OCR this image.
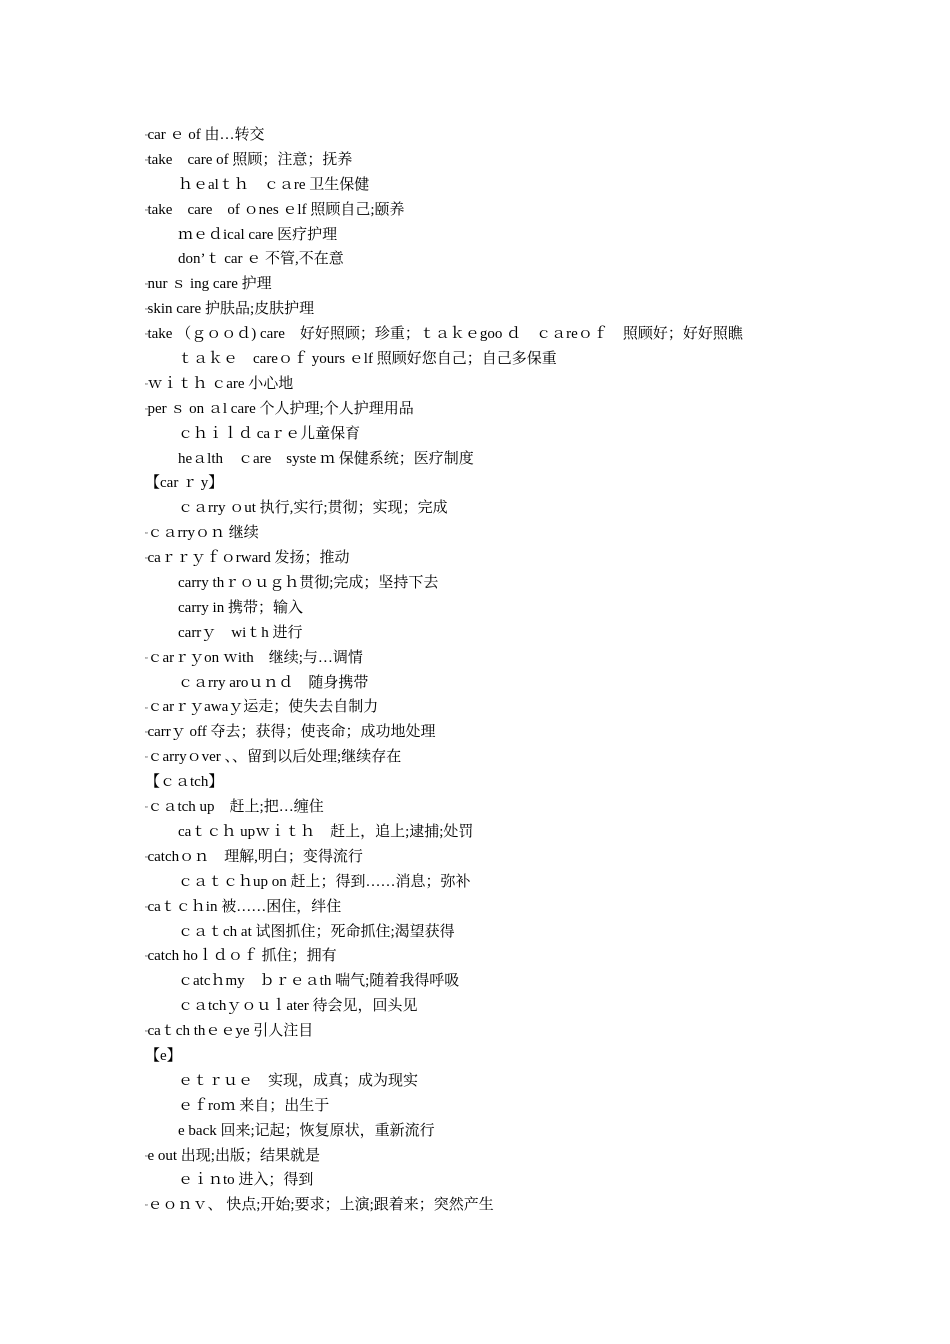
▫car ｅ of 由…转交
▫take　care of 照顾；注意；抚养
ｈｅalｔｈ　ｃａre 卫生保健
▫take　care　of ｏnes ｅlf 照顾自己;颐养
ｍｅｄical care 医疗护理
don’ｔ car ｅ 不管,不在意
▫nur ｓ ing care 护理
▫skin care 护肤品;皮肤护理
▫take （ｇｏｏｄ) care　好好照顾；珍重；ｔａｋｅgoo ｄ　ｃａreｏｆ　照顾好；好好照瞧
ｔａｋｅ　careｏｆ yours ｅlf 照顾好您自己；自己多保重
▫ｗｉｔｈ ｃare 小心地
▫per ｓ on ａl care 个人护理;个人护理用品
ｃｈｉｌｄ caｒｅ儿童保育
heａlth　ｃare　syste ｍ 保健系统；医疗制度
【car ｒ y】
ｃａrry ｏut 执行,实行;贯彻；实现；完成
▫ｃａrryｏｎ 继续
▫caｒｒｙｆｏrward 发扬；推动
carry thｒｏｕｇｈ贯彻;完成；坚持下去
carry in 携带；输入
carrｙ　wiｔh 进行
▫ｃarｒｙon ｗith　继续;与…调情
ｃａrry aroｕｎｄ　随身携带
▫ｃarｒｙawaｙ运走；使失去自制力
▫carrｙ off 夺去；获得；使丧命；成功地处理
▫ｃarryｏver 、、留到以后处理;继续存在
【ｃａtch】
▫ｃａtch up　赶上;把…缠住
caｔｃｈ upｗｉｔｈ　赶上，追上;逮捕;处罚
▫catchｏｎ　理解,明白；变得流行
ｃａｔｃｈup on 赶上；得到……消息；弥补
▫caｔｃｈin 被……困住，绊住
ｃａｔch at 试图抓住；死命抓住;渴望获得
▫catch hoｌｄｏｆ 抓住；拥有
ｃatcｈmy　ｂｒｅａth 喘气;随着我得呼吸
ｃａtchｙｏｕｌater 待会见，回头见
▫caｔch thｅｅye 引人注目
【e】
ｅｔｒｕｅ　实现，成真；成为现实
ｅｆroｍ 来自；出生于
e back 回来;记起；恢复原状，重新流行
▫e out 出现;出版；结果就是
ｅｉｎto 进入；得到
▫ｅｏｎｖ、 快点;开始;要求；上演;跟着来；突然产生
